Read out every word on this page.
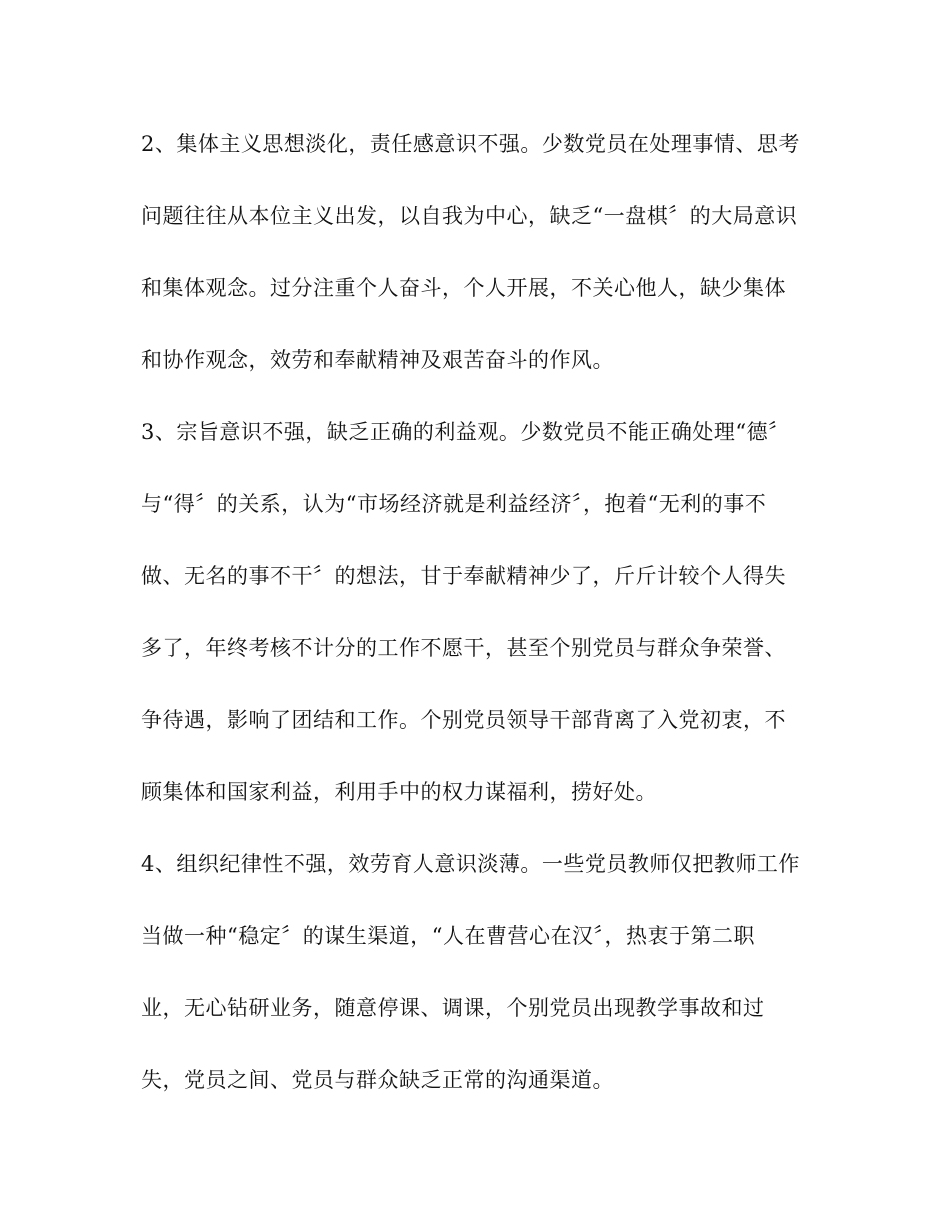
2、集体主义思想淡化，责任感意识不强。少数党员在处理事情、思考
问题往往从本位主义出发，以自我为中心，缺乏“一盘棋〞的大局意识
和集体观念。过分注重个人奋斗，个人开展，不关心他人，缺少集体
和协作观念，效劳和奉献精神及艰苦奋斗的作风。
3、宗旨意识不强，缺乏正确的利益观。少数党员不能正确处理“德〞
与“得〞的关系，认为“市场经济就是利益经济〞，抱着“无利的事不
做、无名的事不干〞的想法，甘于奉献精神少了，斤斤计较个人得失
多了，年终考核不计分的工作不愿干，甚至个别党员与群众争荣誉、
争待遇，影响了团结和工作。个别党员领导干部背离了入党初衷，不
顾集体和国家利益，利用手中的权力谋福利，捞好处。
4、组织纪律性不强，效劳育人意识淡薄。一些党员教师仅把教师工作
当做一种“稳定〞的谋生渠道，“人在曹营心在汉〞，热衷于第二职
业，无心钻研业务，随意停课、调课，个别党员出现教学事故和过
失，党员之间、党员与群众缺乏正常的沟通渠道。
